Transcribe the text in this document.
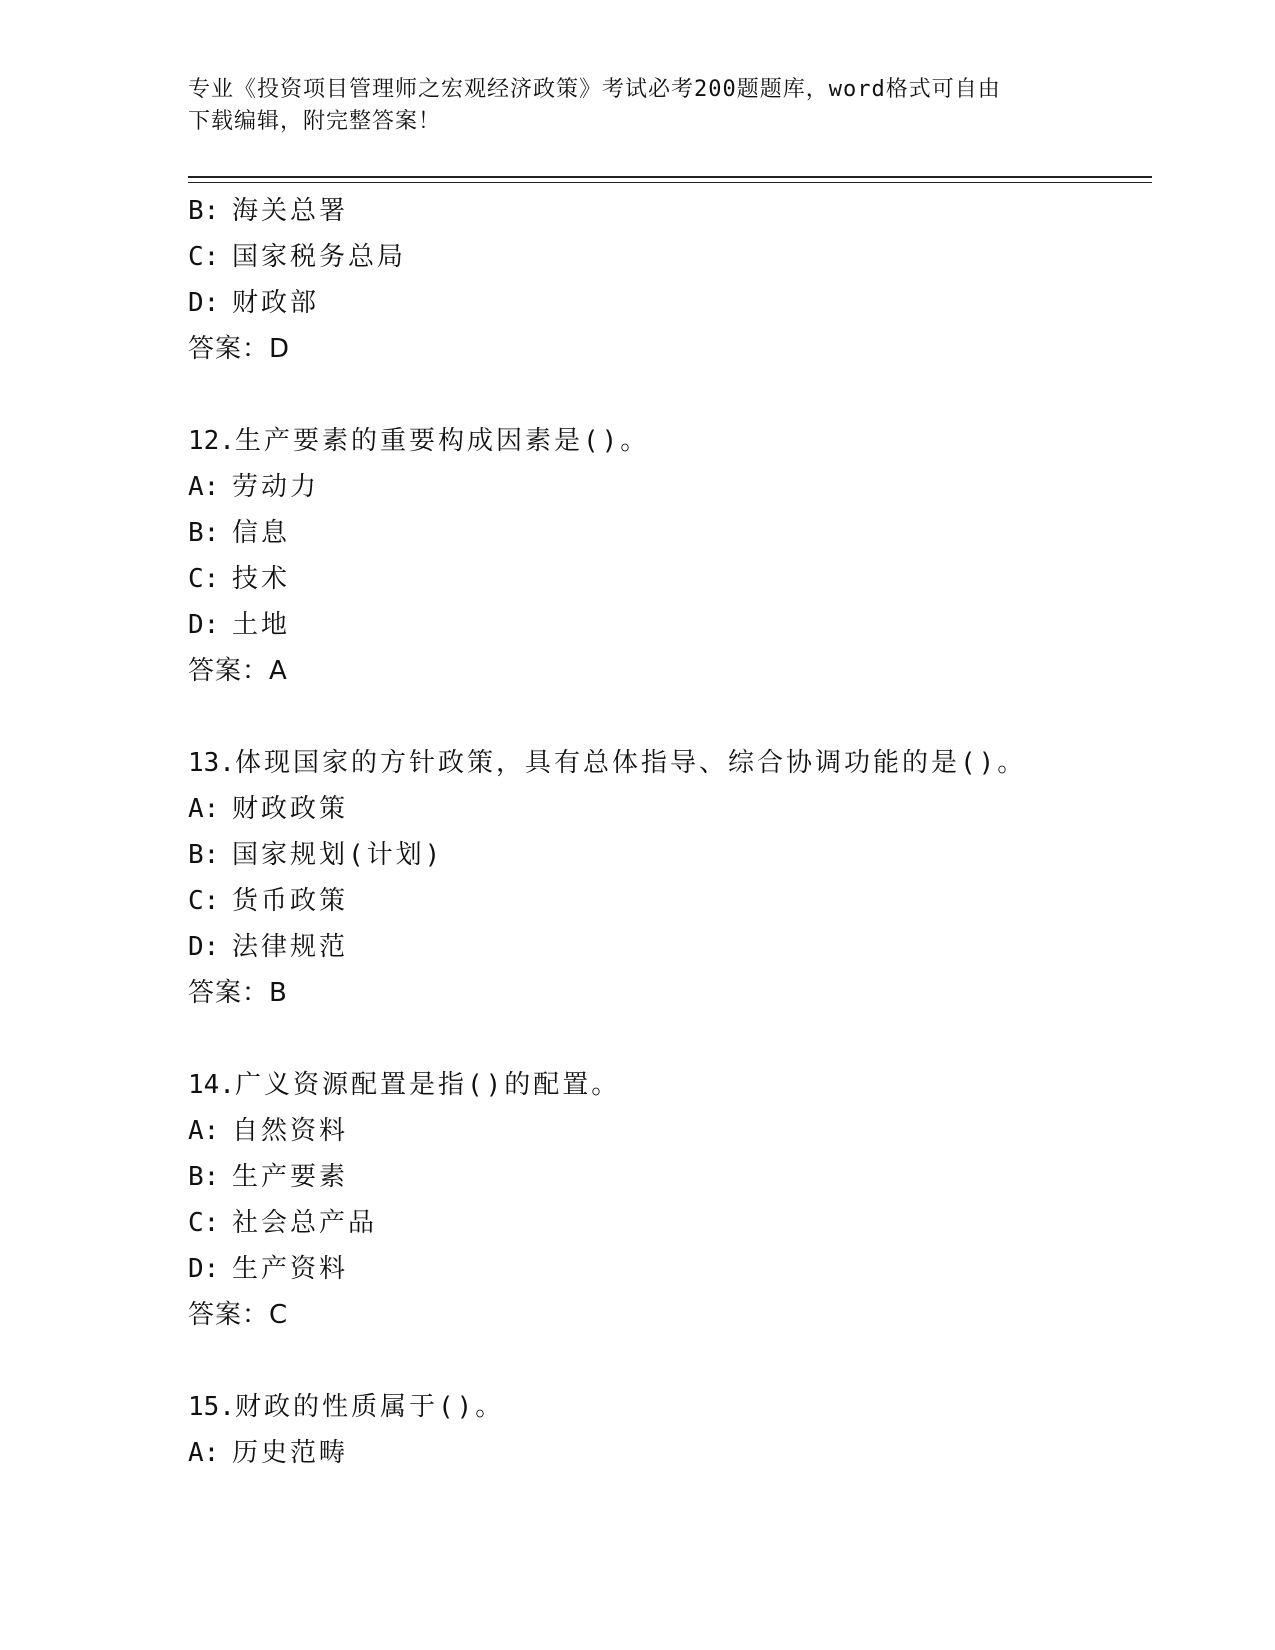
专业《投资项目管理师之宏观经济政策》考试必考200题题库，word格式可自由
下载编辑，附完整答案！
B: 海关总署
C: 国家税务总局
D: 财政部
答案：D
12.生产要素的重要构成因素是()。
A: 劳动力
B: 信息
C: 技术
D: 土地
答案：A
13.体现国家的方针政策，具有总体指导、综合协调功能的是()。
A: 财政政策
B: 国家规划(计划)
C: 货币政策
D: 法律规范
答案：B
14.广义资源配置是指()的配置。
A: 自然资料
B: 生产要素
C: 社会总产品
D: 生产资料
答案：C
15.财政的性质属于()。
A: 历史范畴
